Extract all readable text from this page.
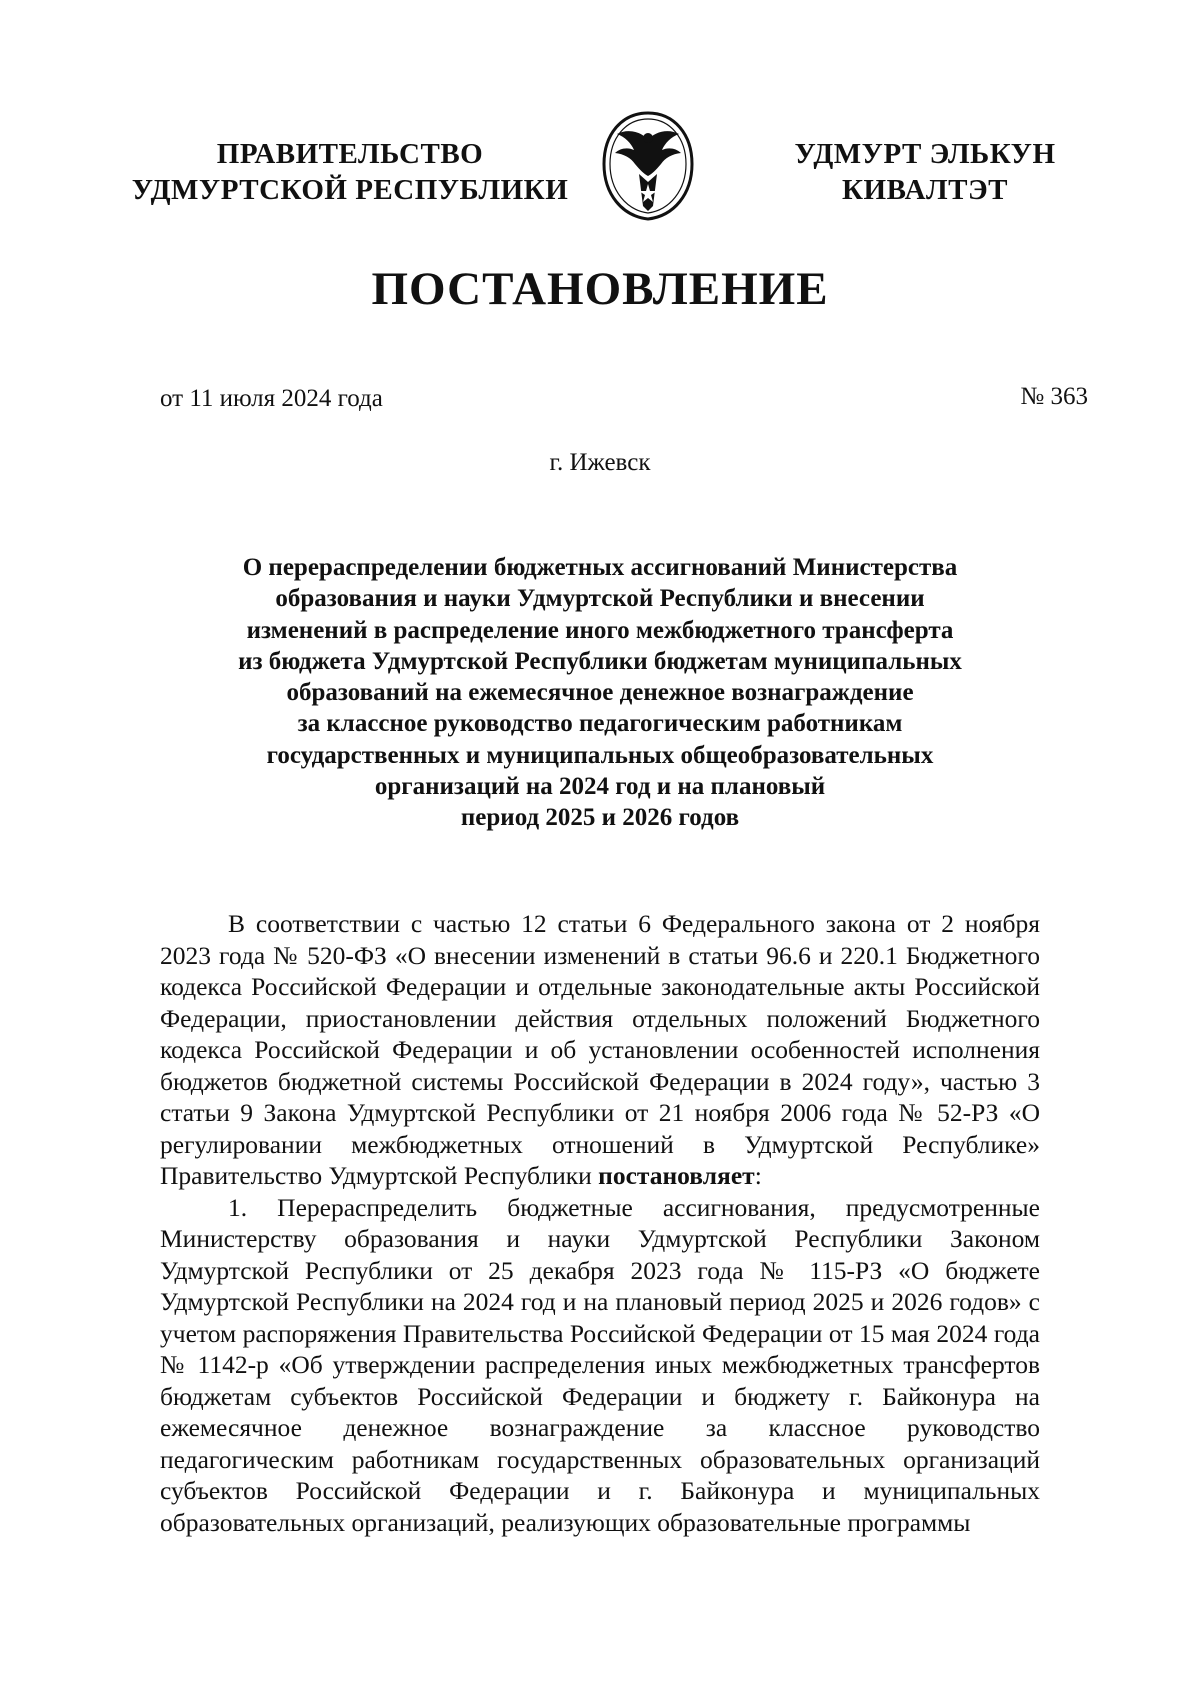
ПРАВИТЕЛЬСТВО
УДМУРТСКОЙ РЕСПУБЛИКИ
УДМУРТ ЭЛЬКУН
КИВАЛТЭТ
ПОСТАНОВЛЕНИЕ
от 11 июля 2024 года	№ 363
г. Ижевск
О перераспределении бюджетных ассигнований Министерства
образования и науки Удмуртской Республики и внесении
изменений в распределение иного межбюджетного трансферта
из бюджета Удмуртской Республики бюджетам муниципальных
образований на ежемесячное денежное вознаграждение
за классное руководство педагогическим работникам
государственных и муниципальных общеобразовательных
организаций на 2024 год и на плановый
период 2025 и 2026 годов

В соответствии с частью 12 статьи 6 Федерального закона от 2 ноября 2023 года № 520-ФЗ «О внесении изменений в статьи 96.6 и 220.1 Бюджетного кодекса Российской Федерации и отдельные законодательные акты Российской Федерации, приостановлении действия отдельных положений Бюджетного кодекса Российской Федерации и об установлении особенностей исполнения бюджетов бюджетной системы Российской Федерации в 2024 году», частью 3 статьи 9 Закона Удмуртской Республики от 21 ноября 2006 года № 52-РЗ «О регулировании межбюджетных отношений в Удмуртской Республике» Правительство Удмуртской Республики постановляет:

1. Перераспределить бюджетные ассигнования, предусмотренные Министерству образования и науки Удмуртской Республики Законом Удмуртской Республики от 25 декабря 2023 года № 115-РЗ «О бюджете Удмуртской Республики на 2024 год и на плановый период 2025 и 2026 годов» с учетом распоряжения Правительства Российской Федерации от 15 мая 2024 года № 1142-р «Об утверждении распределения иных межбюджетных трансфертов бюджетам субъектов Российской Федерации и бюджету г. Байконура на ежемесячное денежное вознаграждение за классное руководство педагогическим работникам государственных образовательных организаций субъектов Российской Федерации и г. Байконура и муниципальных образовательных организаций, реализующих образовательные программы
